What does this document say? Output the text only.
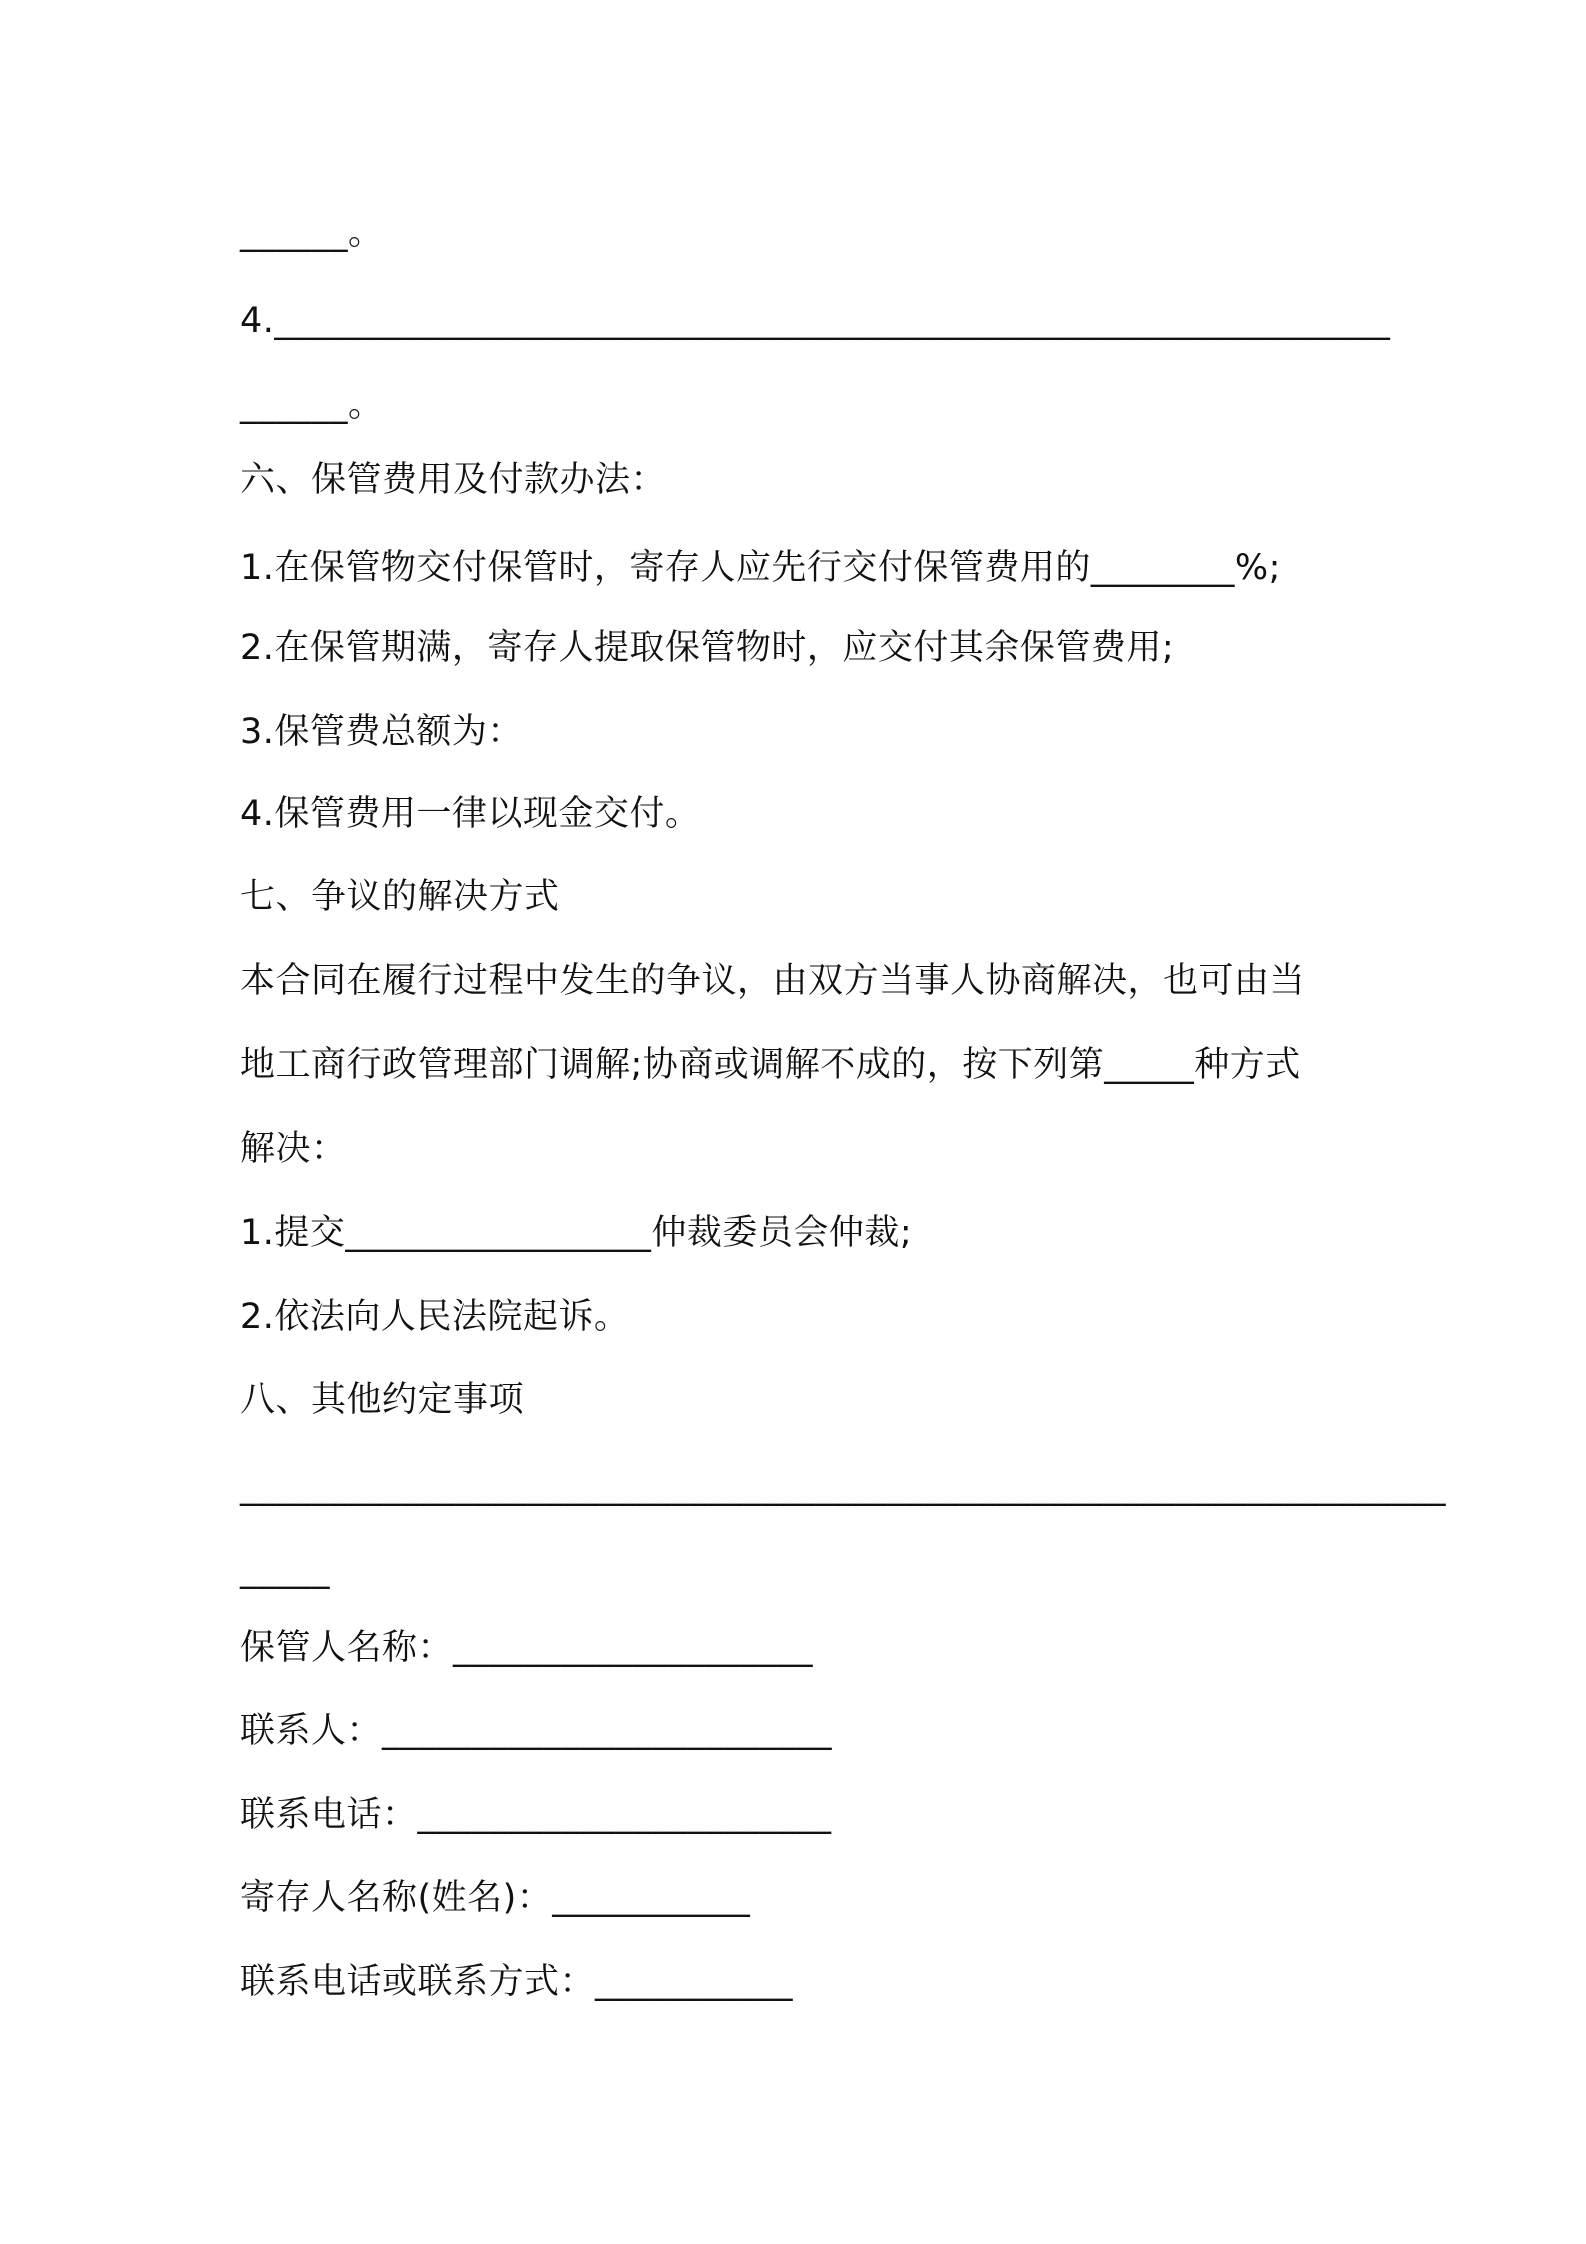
______。
4.______________________________________________________________
______。
六、保管费用及付款办法：
1.在保管物交付保管时，寄存人应先行交付保管费用的________%;
2.在保管期满，寄存人提取保管物时，应交付其余保管费用;
3.保管费总额为：
4.保管费用一律以现金交付。
七、争议的解决方式
本合同在履行过程中发生的争议，由双方当事人协商解决，也可由当
地工商行政管理部门调解;协商或调解不成的，按下列第_____种方式
解决：
1.提交_________________仲裁委员会仲裁;
2.依法向人民法院起诉。
八、其他约定事项
___________________________________________________________________
_____
保管人名称：____________________
联系人：_________________________
联系电话：_______________________
寄存人名称(姓名)：___________
联系电话或联系方式：___________
